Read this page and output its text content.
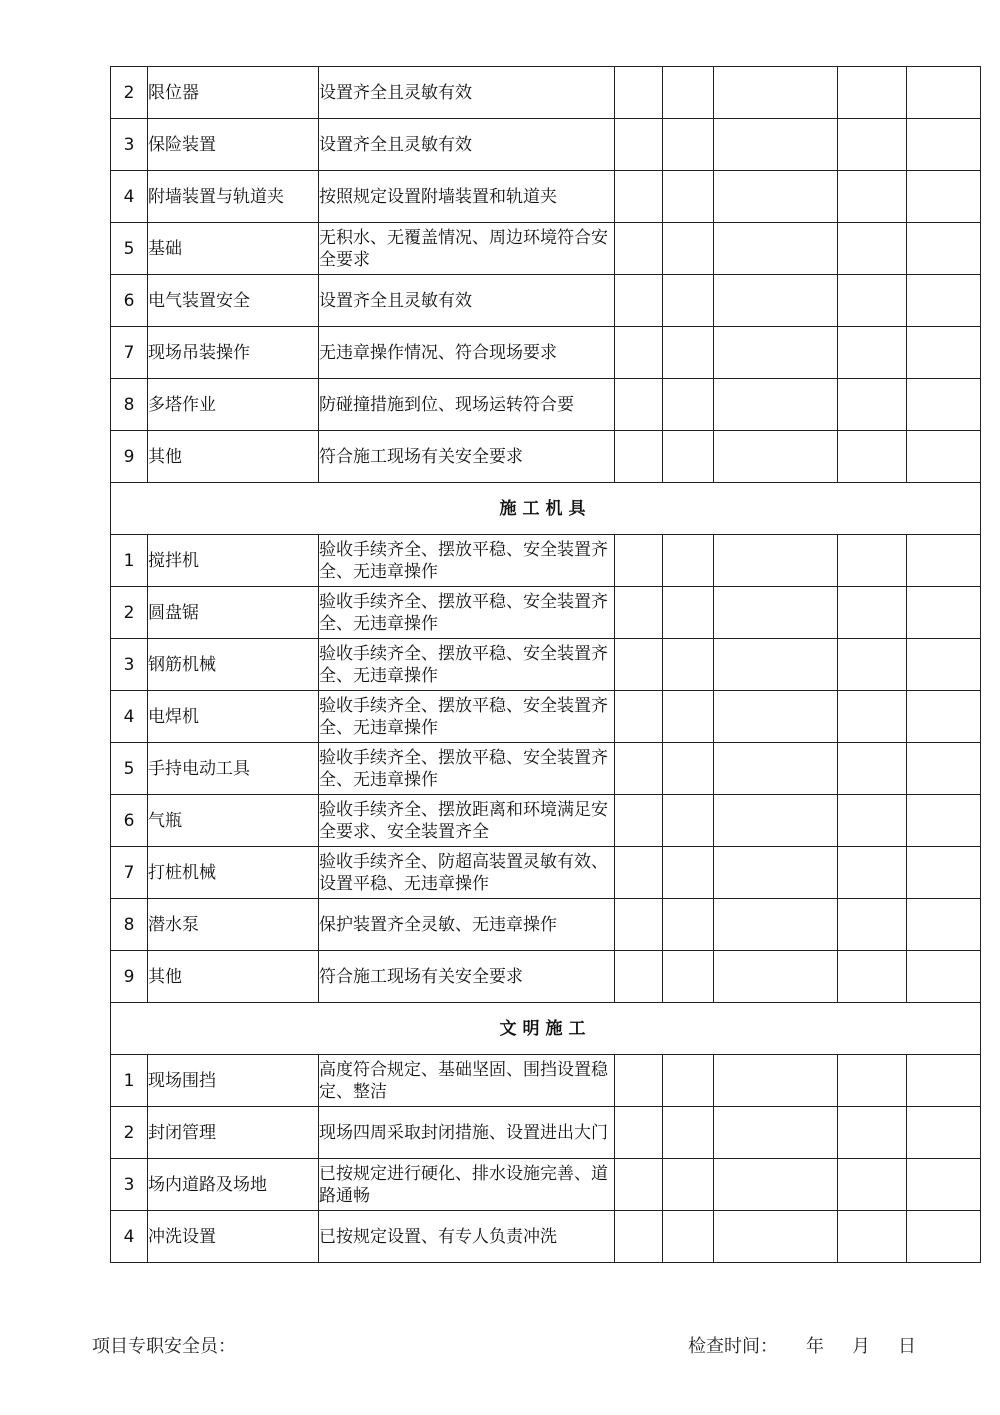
2	限位器	设置齐全且灵敏有效					
3	保险装置	设置齐全且灵敏有效					
4	附墙装置与轨道夹	按照规定设置附墙装置和轨道夹					
5	基础	无积水、无覆盖情况、周边环境符合安全要求					
6	电气装置安全	设置齐全且灵敏有效					
7	现场吊装操作	无违章操作情况、符合现场要求					
8	多塔作业	防碰撞措施到位、现场运转符合要					
9	其他	符合施工现场有关安全要求					
施工机具							
1	搅拌机	验收手续齐全、摆放平稳、安全装置齐全、无违章操作					
2	圆盘锯	验收手续齐全、摆放平稳、安全装置齐全、无违章操作					
3	钢筋机械	验收手续齐全、摆放平稳、安全装置齐全、无违章操作					
4	电焊机	验收手续齐全、摆放平稳、安全装置齐全、无违章操作					
5	手持电动工具	验收手续齐全、摆放平稳、安全装置齐全、无违章操作					
6	气瓶	验收手续齐全、摆放距离和环境满足安全要求、安全装置齐全					
7	打桩机械	验收手续齐全、防超高装置灵敏有效、设置平稳、无违章操作					
8	潜水泵	保护装置齐全灵敏、无违章操作					
9	其他	符合施工现场有关安全要求					
文明施工							
1	现场围挡	高度符合规定、基础坚固、围挡设置稳定、整洁					
2	封闭管理	现场四周采取封闭措施、设置进出大门					
3	场内道路及场地	已按规定进行硬化、排水设施完善、道路通畅					
4	冲洗设置	已按规定设置、有专人负责冲洗					
项目专职安全员：	检查时间： 年 月 日
